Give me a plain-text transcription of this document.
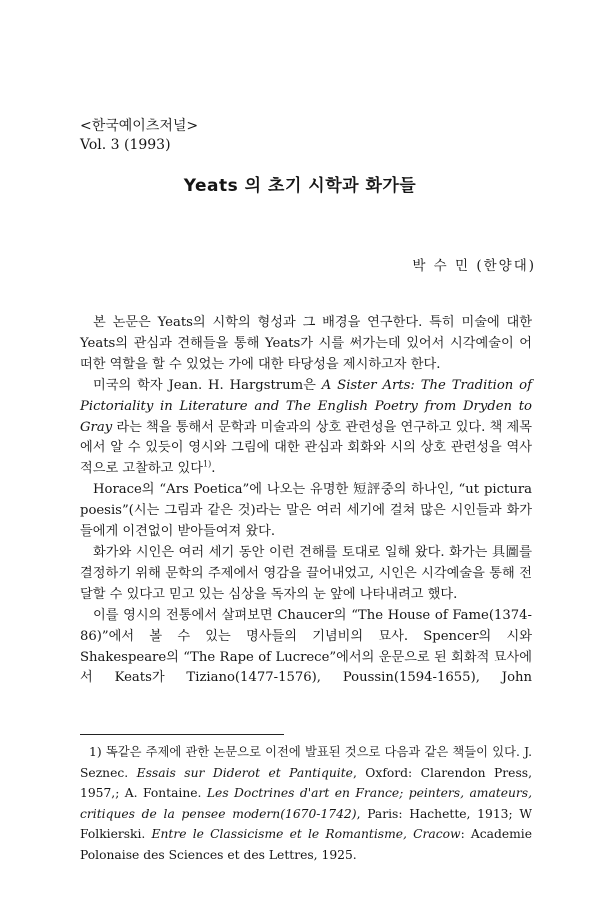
<한국예이츠저널>
Vol. 3 (1993)
Yeats 의 초기 시학과 화가들
박 수 민 (한양대)

본 논문은 Yeats의 시학의 형성과 그 배경을 연구한다. 특히 미술에 대한 Yeats의 관심과 견해들을 통해 Yeats가 시를 써가는데 있어서 시각예술이 어떠한 역할을 할 수 있었는 가에 대한 타당성을 제시하고자 한다.

미국의 학자 Jean. H. Hargstrum은 A Sister Arts: The Tradition of Pictoriality in Literature and The English Poetry from Dryden to Gray 라는 책을 통해서 문학과 미술과의 상호 관련성을 연구하고 있다. 책 제목에서 알 수 있듯이 영시와 그림에 대한 관심과 회화와 시의 상호 관련성을 역사적으로 고찰하고 있다$^{1)}$.

Horace의 “Ars Poetica”에 나오는 유명한 短評중의 하나인, “ut pictura poesis”(시는 그림과 같은 것)라는 말은 여러 세기에 걸쳐 많은 시인들과 화가들에게 이견없이 받아들여져 왔다.

화가와 시인은 여러 세기 동안 이런 견해를 토대로 일해 왔다. 화가는 具圖를 결정하기 위해 문학의 주제에서 영감을 끌어내었고, 시인은 시각예술을 통해 전달할 수 있다고 믿고 있는 심상을 독자의 눈 앞에 나타내려고 했다.

이를 영시의 전통에서 살펴보면 Chaucer의 “The House of Fame(1374-86)”에서 볼 수 있는 명사들의 기념비의 묘사. Spencer의 시와 Shakespeare의 “The Rape of Lucrece”에서의 운문으로 된 회화적 묘사에서 Keats가 Tiziano(1477-1576), Poussin(1594-1655), John

1) 똑같은 주제에 관한 논문으로 이전에 발표된 것으로 다음과 같은 책들이 있다. J. Seznec. Essais sur Diderot et Pantiquite, Oxford: Clarendon Press, 1957,; A. Fontaine. Les Doctrines d'art en France; peinters, amateurs, critiques de la pensee modern(1670-1742), Paris: Hachette, 1913; W Folkierski. Entre le Classicisme et le Romantisme, Cracow: Academie Polonaise des Sciences et des Lettres, 1925.
